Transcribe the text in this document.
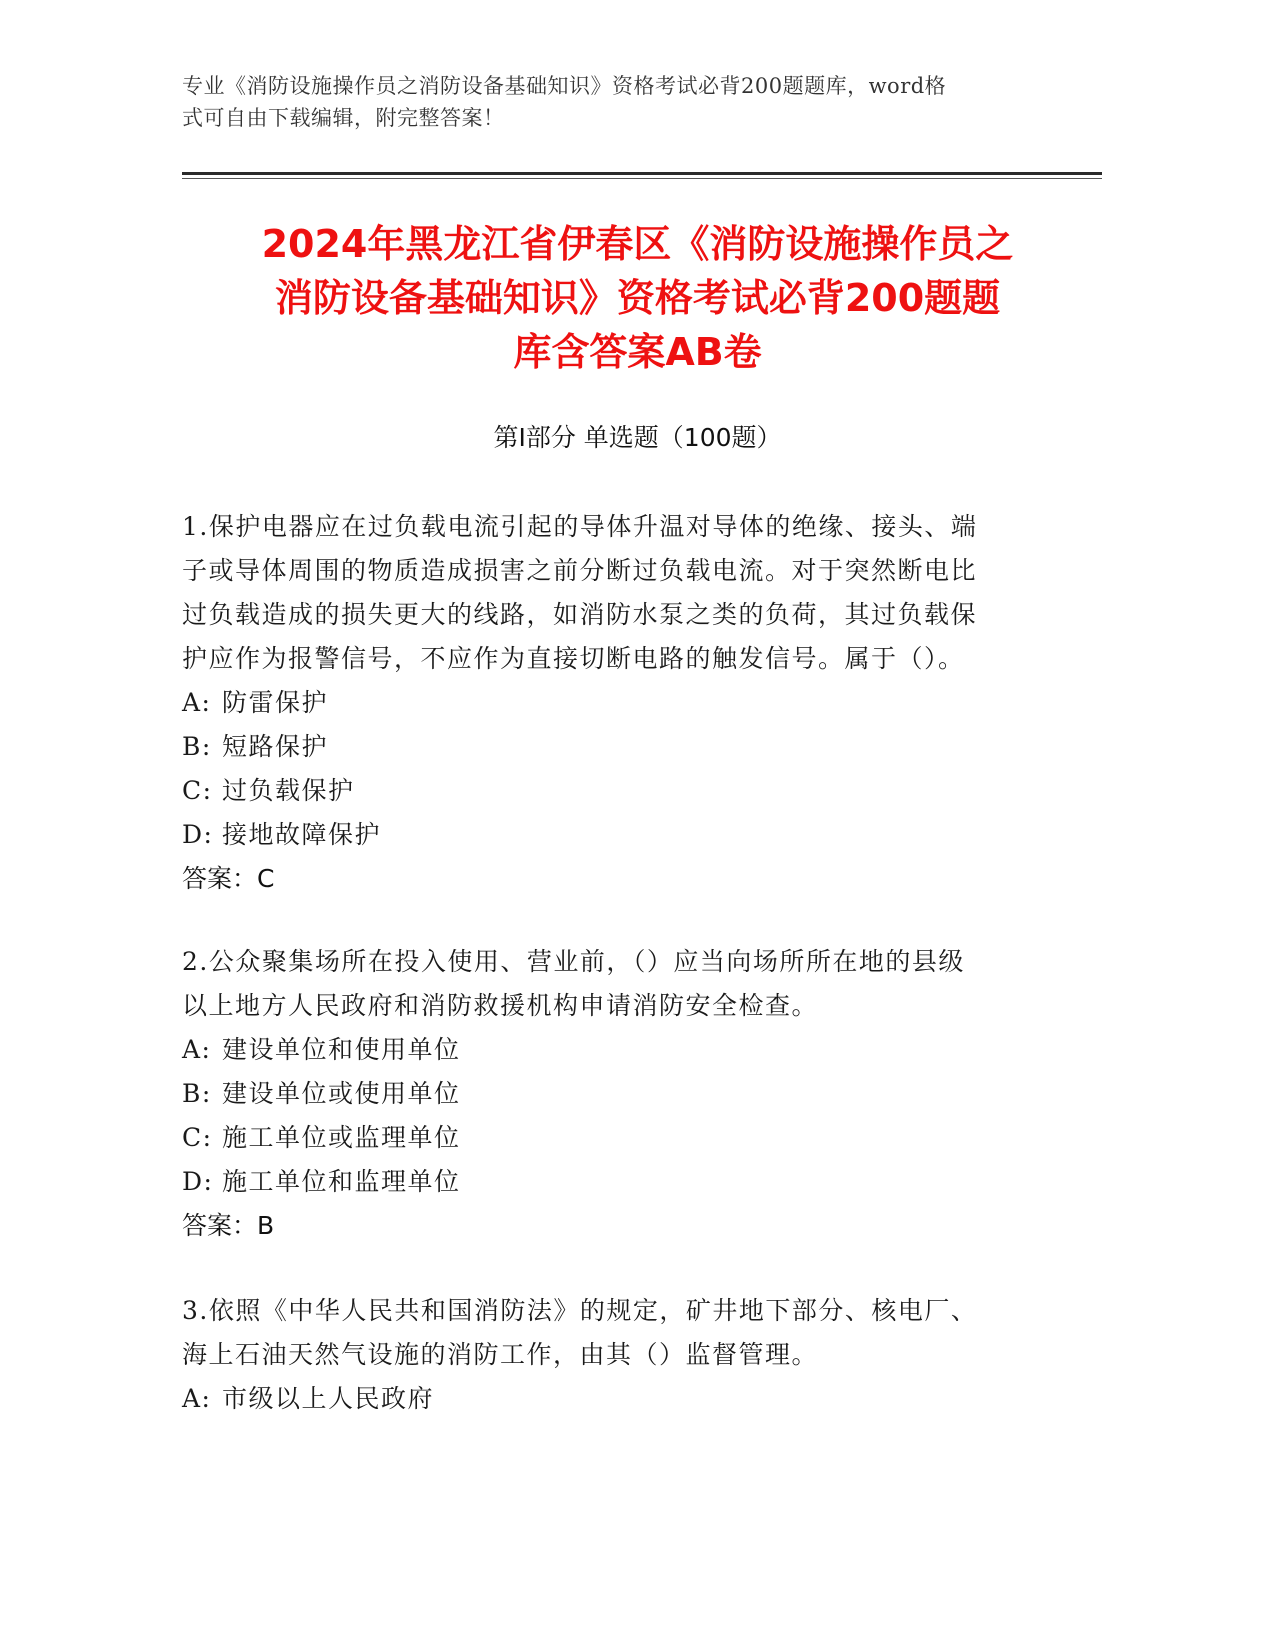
专业《消防设施操作员之消防设备基础知识》资格考试必背200题题库，word格
式可自由下载编辑，附完整答案！
2024年黑龙江省伊春区《消防设施操作员之
消防设备基础知识》资格考试必背200题题
库含答案AB卷
第Ⅰ部分 单选题（100题）

1.保护电器应在过负载电流引起的导体升温对导体的绝缘、接头、端

子或导体周围的物质造成损害之前分断过负载电流。对于突然断电比

过负载造成的损失更大的线路，如消防水泵之类的负荷，其过负载保

护应作为报警信号，不应作为直接切断电路的触发信号。属于（）。

A: 防雷保护

B: 短路保护

C: 过负载保护

D: 接地故障保护

答案：C

2.公众聚集场所在投入使用、营业前，（）应当向场所所在地的县级

以上地方人民政府和消防救援机构申请消防安全检查。

A: 建设单位和使用单位

B: 建设单位或使用单位

C: 施工单位或监理单位

D: 施工单位和监理单位

答案：B

3.依照《中华人民共和国消防法》的规定，矿井地下部分、核电厂、

海上石油天然气设施的消防工作，由其（）监督管理。

A: 市级以上人民政府
